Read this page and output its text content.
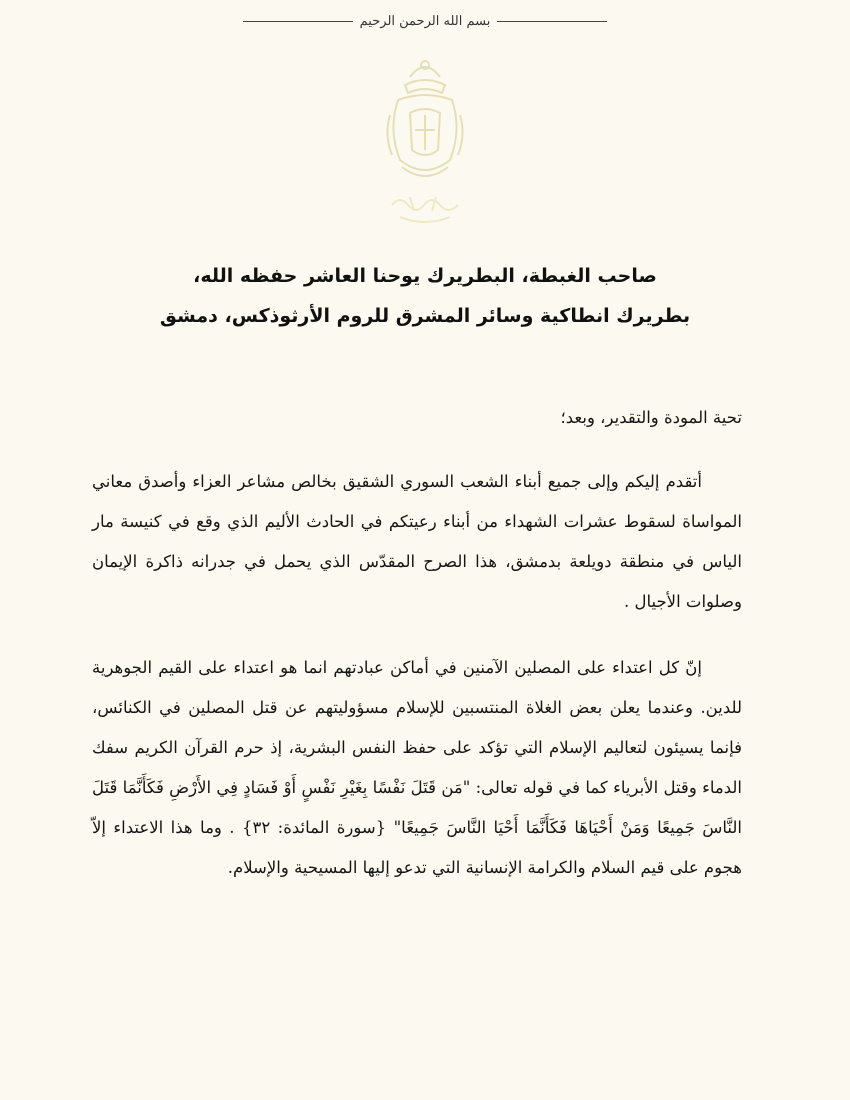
بسم الله الرحمن الرحيم
صاحب الغبطة، البطريرك يوحنا العاشر حفظه الله،
بطريرك انطاكية وسائر المشرق للروم الأرثوذكس، دمشق

تحية المودة والتقدير، وبعد؛

أتقدم إليكم وإلى جميع أبناء الشعب السوري الشقيق بخالص مشاعر العزاء وأصدق معاني المواساة لسقوط عشرات الشهداء من أبناء رعيتكم في الحادث الأليم الذي وقع في كنيسة مار الياس في منطقة دويلعة بدمشق، هذا الصرح المقدّس الذي يحمل في جدرانه ذاكرة الإيمان وصلوات الأجيال .

إنّ كل اعتداء على المصلين الآمنين في أماكن عبادتهم انما هو اعتداء على القيم الجوهرية للدين. وعندما يعلن بعض الغلاة المنتسبين للإسلام مسؤوليتهم عن قتل المصلين في الكنائس، فإنما يسيئون لتعاليم الإسلام التي تؤكد على حفظ النفس البشرية، إذ حرم القرآن الكريم سفك الدماء وقتل الأبرياء كما في قوله تعالى: "مَن قَتَلَ نَفْسًا بِغَيْرِ نَفْسٍ أَوْ فَسَادٍ فِي الأَرْضِ فَكَأَنَّمَا قَتَلَ النَّاسَ جَمِيعًا وَمَنْ أَحْيَاهَا فَكَأَنَّمَا أَحْيَا النَّاسَ جَمِيعًا" {سورة المائدة: ٣٢} . وما هذا الاعتداء إلاّ هجوم على قيم السلام والكرامة الإنسانية التي تدعو إليها المسيحية والإسلام.
